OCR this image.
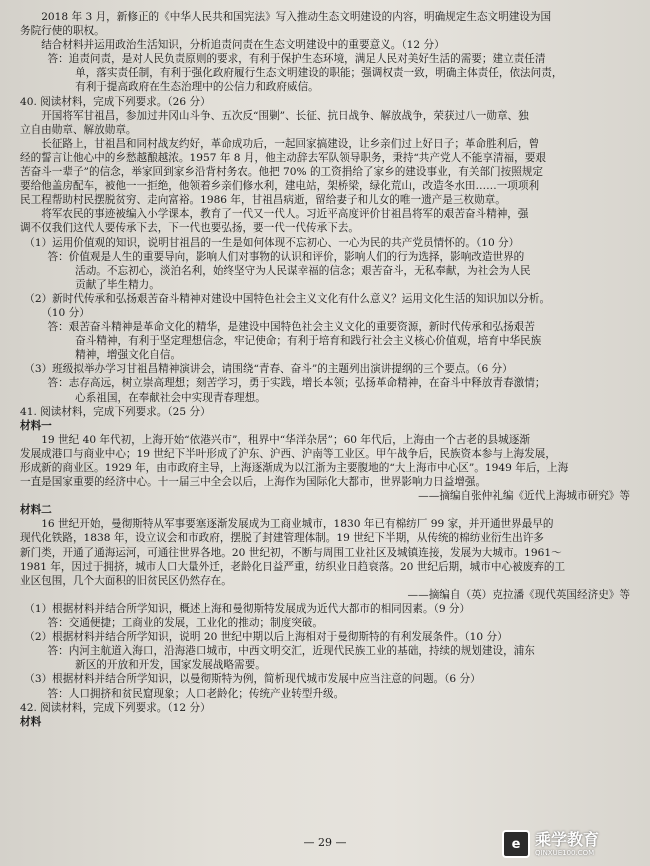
2018 年 3 月，新修正的《中华人民共和国宪法》写入推动生态文明建设的内容，明确规定生态文明建设为国

务院行使的职权。

结合材料并运用政治生活知识，分析追责问责在生态文明建设中的重要意义。（12 分）

答：追责问责，是对人民负责原则的要求，有利于保护生态环境，满足人民对美好生活的需要；建立责任清

单，落实责任制，有利于强化政府履行生态文明建设的职能；强调权责一致，明确主体责任，依法问责，

有利于提高政府在生态治理中的公信力和政府威信。

40. 阅读材料，完成下列要求。（26 分）

开国将军甘祖昌，参加过井冈山斗争、五次反“围剿”、长征、抗日战争、解放战争，荣获过八一勋章、独

立自由勋章、解放勋章。

长征路上，甘祖昌和同村战友约好，革命成功后，一起回家搞建设，让乡亲们过上好日子；革命胜利后，曾

经的誓言让他心中的乡愁越酿越浓。1957 年 8 月，他主动辞去军队领导职务，秉持“共产党人不能享清福，要艰

苦奋斗一辈子”的信念，举家回到家乡沿背村务农。他把 70% 的工资捐给了家乡的建设事业，有关部门按照规定

要给他盖房配车，被他一一拒绝，他领着乡亲们修水利，建电站，架桥梁，绿化荒山，改造冬水田……一项项利

民工程帮助村民摆脱贫穷、走向富裕。1986 年，甘祖昌病逝，留给妻子和儿女的唯一遗产是三枚勋章。

将军农民的事迹被编入小学课本，教育了一代又一代人。习近平高度评价甘祖昌将军的艰苦奋斗精神，强

调不仅我们这代人要传承下去，下一代也要弘扬，要一代一代传承下去。

（1）运用价值观的知识，说明甘祖昌的一生是如何体现不忘初心、一心为民的共产党员情怀的。（10 分）

答：价值观是人生的重要导向，影响人们对事物的认识和评价，影响人们的行为选择，影响改造世界的

活动。不忘初心，淡泊名利，始终坚守为人民谋幸福的信念；艰苦奋斗，无私奉献，为社会为人民

贡献了毕生精力。

（2）新时代传承和弘扬艰苦奋斗精神对建设中国特色社会主义文化有什么意义？运用文化生活的知识加以分析。

（10 分）

答：艰苦奋斗精神是革命文化的精华，是建设中国特色社会主义文化的重要资源，新时代传承和弘扬艰苦

奋斗精神，有利于坚定理想信念，牢记使命；有利于培育和践行社会主义核心价值观，培育中华民族

精神，增强文化自信。

（3）班级拟举办学习甘祖昌精神演讲会，请围绕“青春、奋斗”的主题列出演讲提纲的三个要点。（6 分）

答：志存高远，树立崇高理想；刻苦学习，勇于实践，增长本领；弘扬革命精神，在奋斗中释放青春激情；

心系祖国，在奉献社会中实现青春理想。

41. 阅读材料，完成下列要求。（25 分）

材料一

19 世纪 40 年代初，上海开始“依港兴市”，租界中“华洋杂居”；60 年代后，上海由一个古老的县城逐渐

发展成港口与商业中心；19 世纪下半叶形成了沪东、沪西、沪南等工业区。甲午战争后，民族资本参与上海发展，

形成新的商业区。1929 年，由市政府主导，上海逐渐成为以江浙为主要腹地的“大上海市中心区”。1949 年后，上海

一直是国家重要的经济中心。十一届三中全会以后，上海作为国际化大都市，世界影响力日益增强。

——摘编自张仲礼编《近代上海城市研究》等

材料二

16 世纪开始，曼彻斯特从军事要塞逐渐发展成为工商业城市，1830 年已有棉纺厂 99 家，并开通世界最早的

现代化铁路，1838 年，设立议会和市政府，摆脱了封建管理体制。19 世纪下半期，从传统的棉纺业衍生出许多

新门类，开通了通海运河，可通往世界各地。20 世纪初，不断与周围工业社区及城镇连接，发展为大城市。1961～

1981 年，因过于拥挤，城市人口大量外迁，老龄化日益严重，纺织业日趋衰落。20 世纪后期，城市中心被废弃的工

业区包围，几个大面积的旧贫民区仍然存在。

——摘编自（英）克拉潘《现代英国经济史》等

（1）根据材料并结合所学知识，概述上海和曼彻斯特发展成为近代大都市的相同因素。（9 分）

答：交通便捷；工商业的发展，工业化的推动；制度突破。

（2）根据材料并结合所学知识，说明 20 世纪中期以后上海相对于曼彻斯特的有利发展条件。（10 分）

答：内河主航道入海口，沿海港口城市，中西文明交汇，近现代民族工业的基础，持续的规划建设，浦东

新区的开放和开发，国家发展战略需要。

（3）根据材料并结合所学知识，以曼彻斯特为例，简析现代城市发展中应当注意的问题。（6 分）

答：人口拥挤和贫民窟现象；人口老龄化；传统产业转型升级。

42. 阅读材料，完成下列要求。（12 分）

材料

— 29 —	e 乘学教育
QINXUE100.COM
